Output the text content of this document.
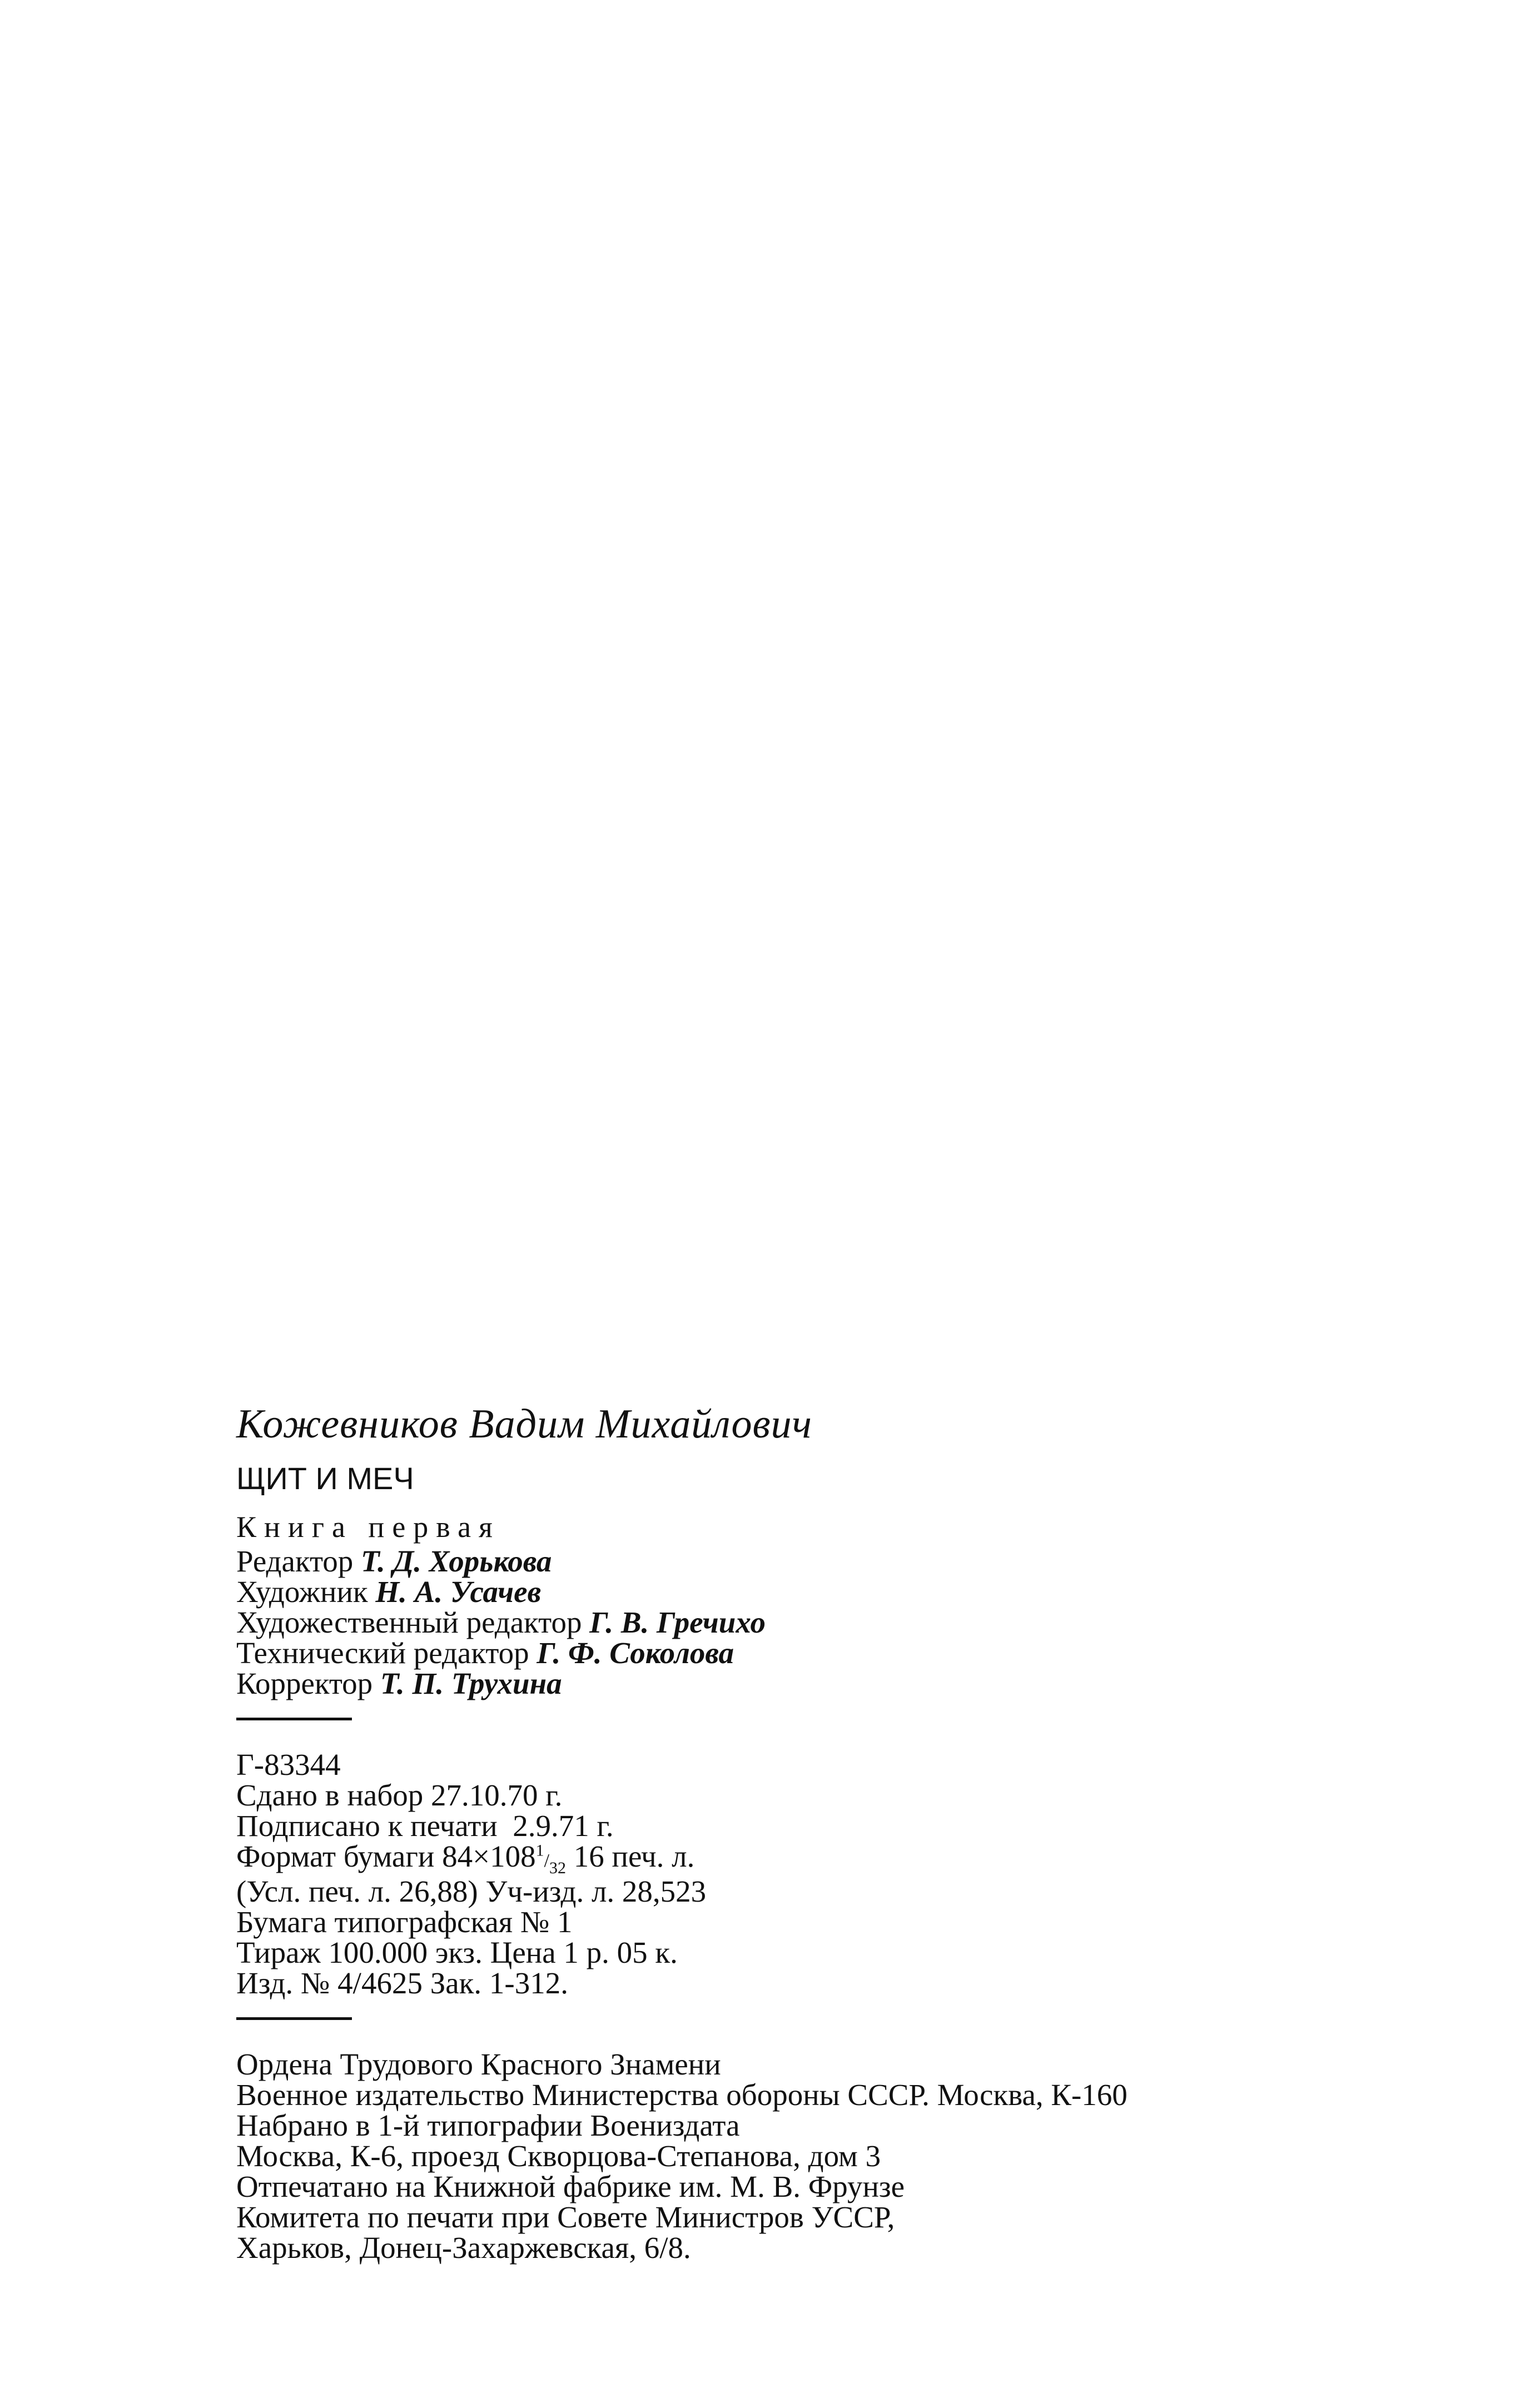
Кожевников Вадим Михайлович
ЩИТ И МЕЧ
Книга первая
Редактор Т. Д. Хорькова
Художник Н. А. Усачев
Художественный редактор Г. В. Гречихо
Технический редактор Г. Ф. Соколова
Корректор Т. П. Трухина
Г-83344
Сдано в набор 27.10.70 г.
Подписано к печати  2.9.71 г.
Формат бумаги $84\times 108^1/_{32}$ 16 печ. л.
(Усл. печ. л. 26,88) Уч-изд. л. 28,523
Бумага типографская № 1
Тираж 100.000 экз. Цена 1 р. 05 к.
Изд. № 4/4625 Зак. 1-312.
Ордена Трудового Красного Знамени
Военное издательство Министерства обороны СССР. Москва, К-160
Набрано в 1-й типографии Воениздата
Москва, К-6, проезд Скворцова-Степанова, дом 3
Отпечатано на Книжной фабрике им. М. В. Фрунзе
Комитета по печати при Совете Министров УССР,
Харьков, Донец-Захаржевская, 6/8.
